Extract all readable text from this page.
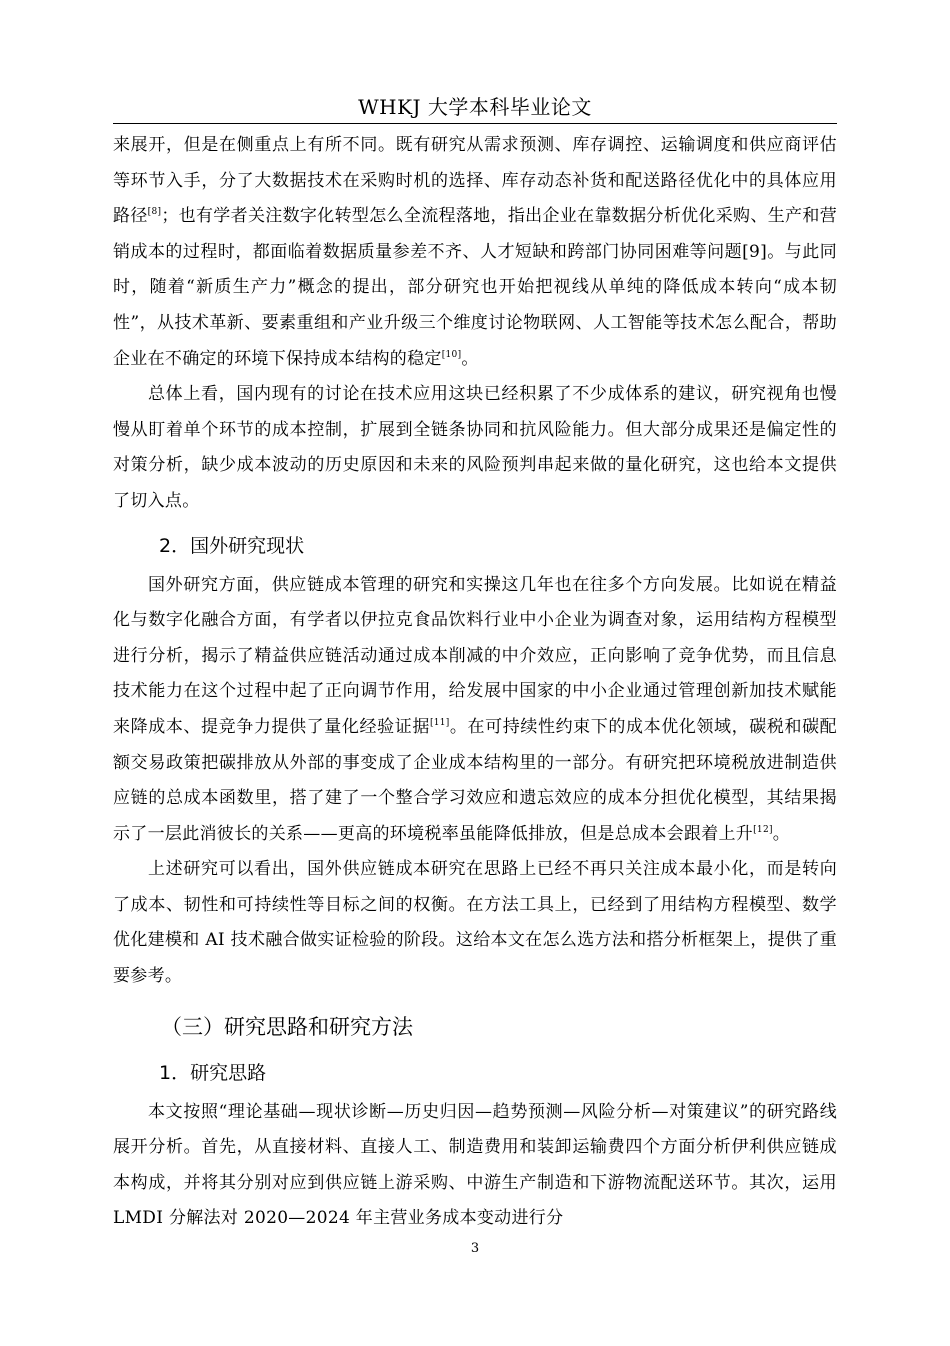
WHKJ 大学本科毕业论文

来展开，但是在侧重点上有所不同。既有研究从需求预测、库存调控、运输调度和供应商评估等环节入手，分了大数据技术在采购时机的选择、库存动态补货和配送路径优化中的具体应用路径[8]；也有学者关注数字化转型怎么全流程落地，指出企业在靠数据分析优化采购、生产和营销成本的过程时，都面临着数据质量参差不齐、人才短缺和跨部门协同困难等问题[9]。与此同时，随着“新质生产力”概念的提出，部分研究也开始把视线从单纯的降低成本转向“成本韧性”，从技术革新、要素重组和产业升级三个维度讨论物联网、人工智能等技术怎么配合，帮助企业在不确定的环境下保持成本结构的稳定[10]。

总体上看，国内现有的讨论在技术应用这块已经积累了不少成体系的建议，研究视角也慢慢从盯着单个环节的成本控制，扩展到全链条协同和抗风险能力。但大部分成果还是偏定性的对策分析，缺少成本波动的历史原因和未来的风险预判串起来做的量化研究，这也给本文提供了切入点。

2．国外研究现状

国外研究方面，供应链成本管理的研究和实操这几年也在往多个方向发展。比如说在精益化与数字化融合方面，有学者以伊拉克食品饮料行业中小企业为调查对象，运用结构方程模型进行分析，揭示了精益供应链活动通过成本削减的中介效应，正向影响了竞争优势，而且信息技术能力在这个过程中起了正向调节作用，给发展中国家的中小企业通过管理创新加技术赋能来降成本、提竞争力提供了量化经验证据[11]。在可持续性约束下的成本优化领域，碳税和碳配额交易政策把碳排放从外部的事变成了企业成本结构里的一部分。有研究把环境税放进制造供应链的总成本函数里，搭了建了一个整合学习效应和遗忘效应的成本分担优化模型，其结果揭示了一层此消彼长的关系——更高的环境税率虽能降低排放，但是总成本会跟着上升[12]。

上述研究可以看出，国外供应链成本研究在思路上已经不再只关注成本最小化，而是转向了成本、韧性和可持续性等目标之间的权衡。在方法工具上，已经到了用结构方程模型、数学优化建模和 AI 技术融合做实证检验的阶段。这给本文在怎么选方法和搭分析框架上，提供了重要参考。

（三）研究思路和研究方法
1．研究思路

本文按照“理论基础—现状诊断—历史归因—趋势预测—风险分析—对策建议”的研究路线展开分析。首先，从直接材料、直接人工、制造费用和装卸运输费四个方面分析伊利供应链成本构成，并将其分别对应到供应链上游采购、中游生产制造和下游物流配送环节。其次，运用 LMDI 分解法对 2020—2024 年主营业务成本变动进行分

3
